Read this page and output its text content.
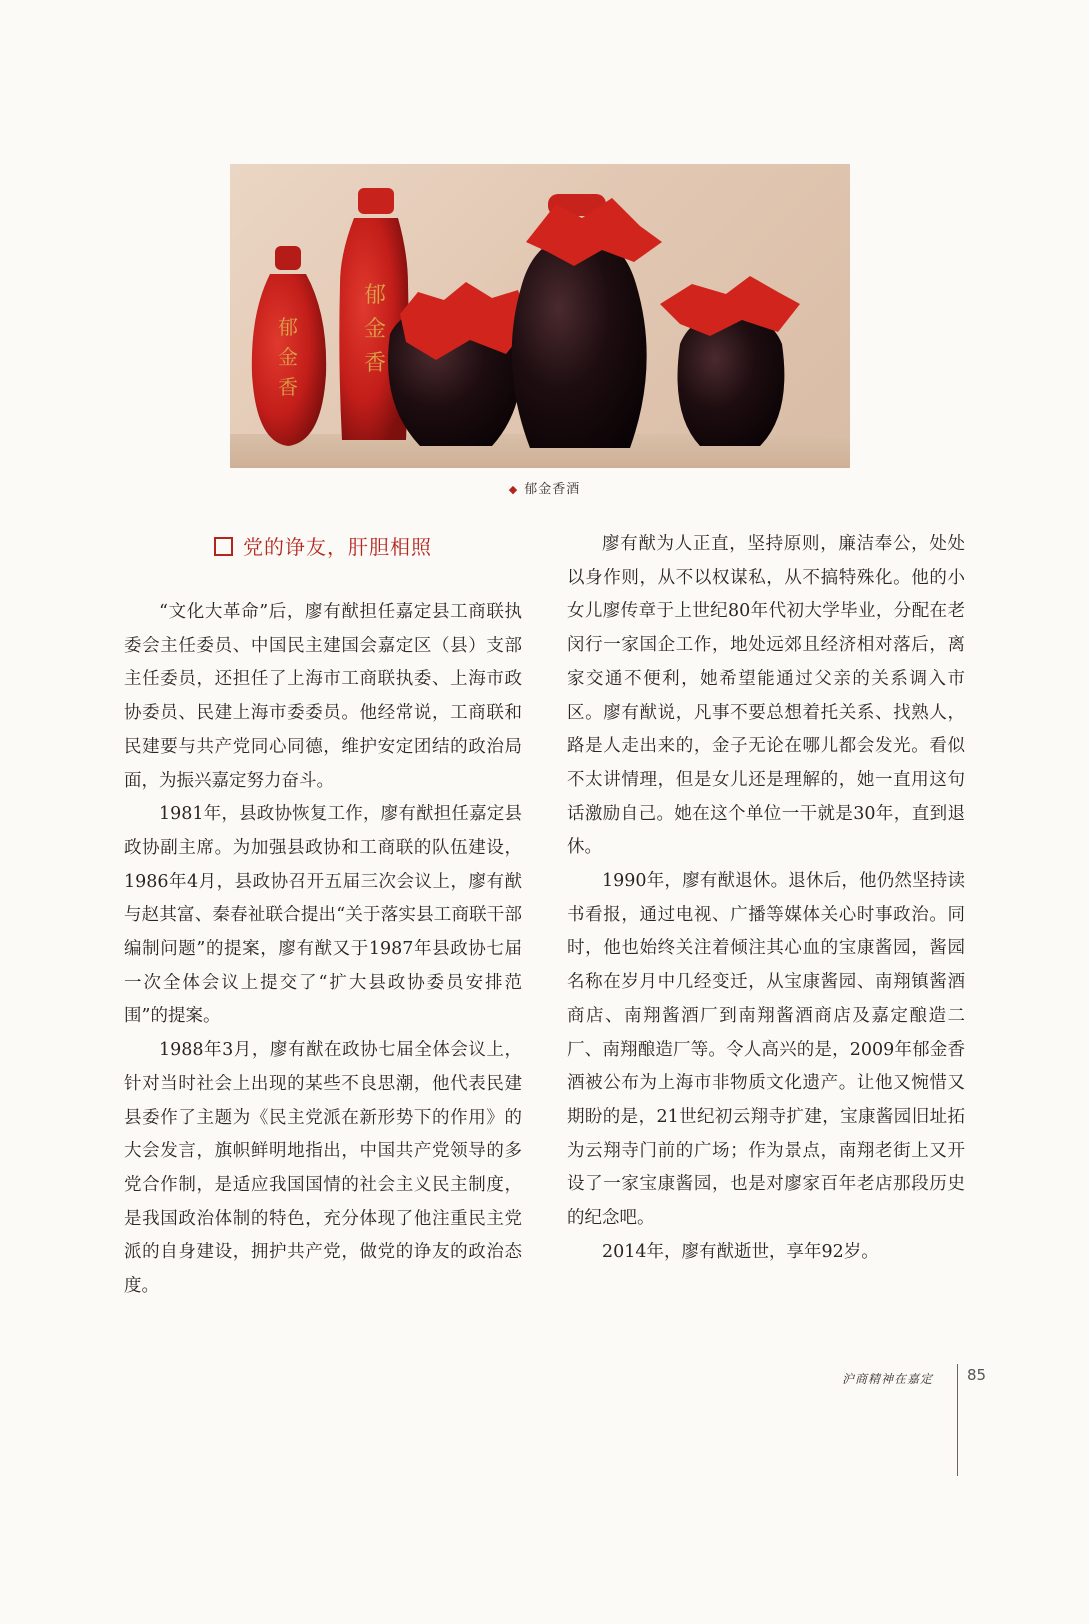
郁
金
香
郁
金
香
◆ 郁金香酒
党的诤友，肝胆相照

“文化大革命”后，廖有猷担任嘉定县工商联执委会主任委员、中国民主建国会嘉定区（县）支部主任委员，还担任了上海市工商联执委、上海市政协委员、民建上海市委委员。他经常说，工商联和民建要与共产党同心同德，维护安定团结的政治局面，为振兴嘉定努力奋斗。

1981年，县政协恢复工作，廖有猷担任嘉定县政协副主席。为加强县政协和工商联的队伍建设，1986年4月，县政协召开五届三次会议上，廖有猷与赵其富、秦春祉联合提出“关于落实县工商联干部编制问题”的提案，廖有猷又于1987年县政协七届一次全体会议上提交了“扩大县政协委员安排范围”的提案。

1988年3月，廖有猷在政协七届全体会议上，针对当时社会上出现的某些不良思潮，他代表民建县委作了主题为《民主党派在新形势下的作用》的大会发言，旗帜鲜明地指出，中国共产党领导的多党合作制，是适应我国国情的社会主义民主制度，是我国政治体制的特色，充分体现了他注重民主党派的自身建设，拥护共产党，做党的诤友的政治态度。

廖有猷为人正直，坚持原则，廉洁奉公，处处以身作则，从不以权谋私，从不搞特殊化。他的小女儿廖传章于上世纪80年代初大学毕业，分配在老闵行一家国企工作，地处远郊且经济相对落后，离家交通不便利，她希望能通过父亲的关系调入市区。廖有猷说，凡事不要总想着托关系、找熟人，路是人走出来的，金子无论在哪儿都会发光。看似不太讲情理，但是女儿还是理解的，她一直用这句话激励自己。她在这个单位一干就是30年，直到退休。

1990年，廖有猷退休。退休后，他仍然坚持读书看报，通过电视、广播等媒体关心时事政治。同时，他也始终关注着倾注其心血的宝康酱园，酱园名称在岁月中几经变迁，从宝康酱园、南翔镇酱酒商店、南翔酱酒厂到南翔酱酒商店及嘉定酿造二厂、南翔酿造厂等。令人高兴的是，2009年郁金香酒被公布为上海市非物质文化遗产。让他又惋惜又期盼的是，21世纪初云翔寺扩建，宝康酱园旧址拓为云翔寺门前的广场；作为景点，南翔老街上又开设了一家宝康酱园，也是对廖家百年老店那段历史的纪念吧。

2014年，廖有猷逝世，享年92岁。

沪商精神在嘉定 85
